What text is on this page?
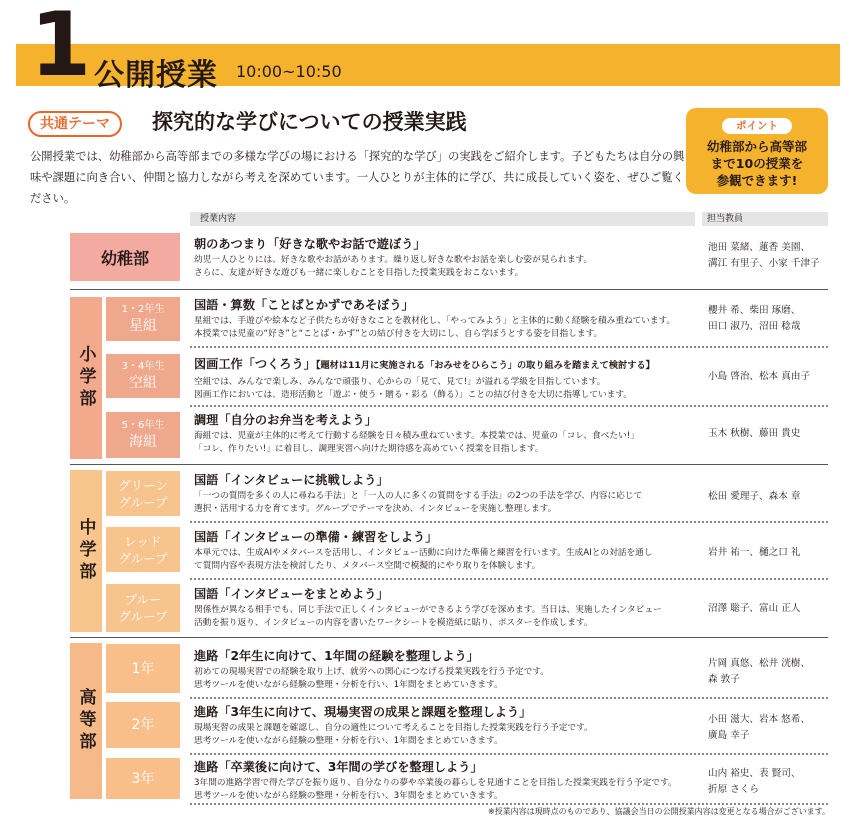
1 公開授業 10:00~10:50
共通テーマ	探究的な学びについての授業実践

公開授業では、幼稚部から高等部までの多様な学びの場における「探究的な学び」の実践をご紹介します。子どもたちは自分の興味や課題に向き合い、仲間と協力しながら考えを深めています。一人ひとりが主体的に学び、共に成長していく姿を、ぜひご覧ください。

ポイント
幼稚部から高等部
まで10の授業を
参観できます!
授業内容	担当教員
幼稚部
小学部
中学部
高等部
1・2年生
星組
3・4年生
空組
5・6年生
海組
グリーン
グループ
レッド
グループ
ブルー
グループ
1年
2年
3年
朝のあつまり「好きな歌やお話で遊ぼう」
幼児一人ひとりには、好きな歌やお話があります。繰り返し好きな歌やお話を楽しむ姿が見られます。
さらに、友達が好きな遊びも一緒に楽しむことを目指した授業実践をおこないます。
池田 菜緒、蓮香 美園、
溝江 有里子、小家 千津子
国語・算数「ことばとかずであそぼう」
星組では、手遊びや絵本など子供たちが好きなことを教材化し、「やってみよう」と主体的に動く経験を積み重ねています。
本授業では児童の“好き”と“ことば・かず”との結び付きを大切にし、自ら学ぼうとする姿を目指します。
櫻井 希、柴田 琢磨、
田口 淑乃、沼田 稔哉
図画工作「つくろう」【題材は11月に実施される「おみせをひらこう」の取り組みを踏まえて検討する】
空組では、みんなで楽しみ、みんなで頑張り、心からの「見て、見て!」が溢れる学級を目指しています。
図画工作においては、造形活動と「遊ぶ・使う・贈る・彩る（飾る）」ことの結び付きを大切に指導しています。
小島 啓治、松本 真由子
調理「自分のお弁当を考えよう」
海組では、児童が主体的に考えて行動する経験を日々積み重ねています。本授業では、児童の「コレ、食べたい!」
「コレ、作りたい!」に着目し、調理実習へ向けた期待感を高めていく授業を目指します。
玉木 秋樹、藤田 貴史
国語「インタビューに挑戦しよう」
「一つの質問を多くの人に尋ねる手法」と「一人の人に多くの質問をする手法」の2つの手法を学び、内容に応じて
選択・活用する力を育てます。グループでテーマを決め、インタビューを実施し整理します。
松田 愛理子、森本 章
国語「インタビューの準備・練習をしよう」
本単元では、生成AIやメタバースを活用し、インタビュー活動に向けた準備と練習を行います。生成AIとの対話を通し
て質問内容や表現方法を検討したり、メタバース空間で模擬的にやり取りを体験します。
岩井 祐一、樋之口 礼
国語「インタビューをまとめよう」
関係性が異なる相手でも、同じ手法で正しくインタビューができるよう学びを深めます。当日は、実施したインタビュー
活動を振り返り、インタビューの内容を書いたワークシートを模造紙に貼り、ポスターを作成します。
沼澤 聡子、富山 正人
進路「2年生に向けて、1年間の経験を整理しよう」
初めての現場実習での経験を取り上げ、就労への関心につなげる授業実践を行う予定です。
思考ツールを使いながら経験の整理・分析を行い、1年間をまとめていきます。
片岡 真悠、松井 洸樹、
森 敦子
進路「3年生に向けて、現場実習の成果と課題を整理しよう」
現場実習の成果と課題を確認し、自分の適性について考えることを目指した授業実践を行う予定です。
思考ツールを使いながら経験の整理・分析を行い、1年間をまとめていきます。
小田 滋大、岩本 悠希、
廣島 幸子
進路「卒業後に向けて、3年間の学びを整理しよう」
3年間の進路学習で得た学びを振り返り、自分なりの夢や卒業後の暮らしを見通すことを目指した授業実践を行う予定です。
思考ツールを使いながら経験の整理・分析を行い、3年間をまとめていきます。
山内 裕史、表 賢司、
折原 さくら
※授業内容は現時点のものであり、協議会当日の公開授業内容は変更となる場合がございます。
